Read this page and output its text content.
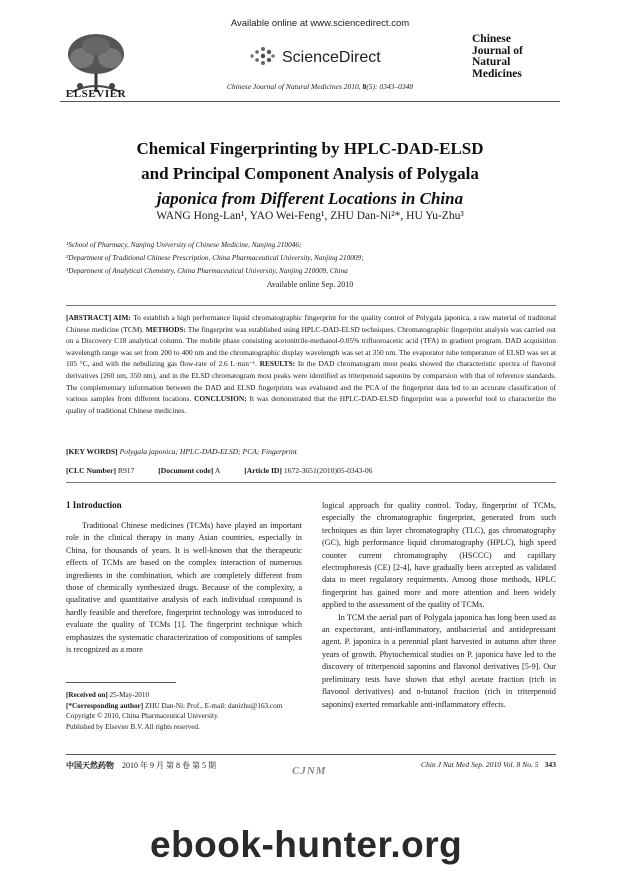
ELSEVIER
Available online at www.sciencedirect.com
ScienceDirect
Chinese Journal of Natural Medicines 2010, 8(5): 0343–0348
Chinese
Journal of
Natural
Medicines
Chemical Fingerprinting by HPLC-DAD-ELSD
and Principal Component Analysis of Polygala
japonica from Different Locations in China
WANG Hong-Lan¹, YAO Wei-Feng¹, ZHU Dan-Ni²*, HU Yu-Zhu³
¹School of Pharmacy, Nanjing University of Chinese Medicine, Nanjing 210046;
²Department of Traditional Chinese Prescription, China Pharmaceutical University, Nanjing 210009;
³Department of Analytical Chemistry, China Pharmaceutical University, Nanjing 210009, China
Available online Sep. 2010
[ABSTRACT] AIM: To establish a high performance liquid chromatographic fingerprint for the quality control of Polygala japonica, a raw material of traditonal Chinese medicine (TCM). METHODS: The fingerprint was established using HPLC-DAD-ELSD techniques. Chromatographic fingerprint analysis was carried out on a Discovery C18 analytical column. The mobile phase consisting acetonitrile-methanol-0.05% trifluoroacetic acid (TFA) in gradient program. DAD acquisition wavelength range was set from 200 to 400 nm and the chromatographic display wavelength was set at 350 nm. The evaporator tube temperature of ELSD was set at 105 °C, and with the nebulizing gas flow-rate of 2.6 L·min⁻¹. RESULTS: In the DAD chromatogram most peaks showed the characteristic spectra of flavonol derivatives (260 nm, 350 nm), and in the ELSD chromatogram most peaks were identified as triterpenoid saponins by comparsion with that of reference standards. The complementary information between the DAD and ELSD fingerprints was evaluated and the PCA of the fingerprint data led to an accurate classification of various samples from different locations. CONCLUSION: It was demonstrated that the HPLC-DAD-ELSD fingerprint was a powerful tool to characterize the quality of traditional Chinese medicines.
[KEY WORDS] Polygala japonica; HPLC-DAD-ELSD; PCA; Fingerprint
[CLC Number] R917	[Document code] A	[Article ID] 1672-3651(2010)05-0343-06
1 Introduction

Traditional Chinese medicines (TCMs) have played an important role in the clinical therapy in many Asian countries, especially in China, for thousands of years. It is well-known that the therapeutic effects of TCMs are based on the complex interaction of numerous ingredients in the combination, which are completely different from those of chemically synthesized drugs. Because of the complexity, a qualitative and quantitative analysis of each individual compound is hardly feasible and therefore, fingerprint technology was introduced to evaluate the quality of TCMs [1]. The fingerprint technique which emphasizes the systematic characterization of compositions of samples is recognized as a more

logical approach for quality control. Today, fingerprint of TCMs, especially the chromatographic fingerprint, generated from such techniques as thin layer chromatography (TLC), gas chromatography (GC), high performance liquid chromatography (HPLC), high speed counter current chromatography (HSCCC) and capillary electrophoresis (CE) [2-4], have gradually been accepted as validated data to meet regulatory requirments. Among those methods, HPLC fingerprint has gained more and more attention and been widely applied to the assessment of the quality of TCMs.

In TCM the aerial part of Polygala japonica has long been used as an expectorant, anti-inflammatory, antibacterial and antidepressant agent. P. japonica is a perennial plant harvested in autumn after three years of growth. Phytochemical studies on P. japonica have led to the discovery of triterpenoid saponins and flavonol derivatives [5-9]. Our preliminary tests have shown that ethyl acetate fraction (rich in flavonol derivatives) and n-butanol fraction (rich in triterpenoid saponins) exerted remarkable anti-inflammatory effects.

[Received on] 25-May-2010
[*Corresponding author] ZHU Dan-Ni: Prof., E-mail: danizhu@163.com
Copyright © 2010, China Pharmaceutical University.
Published by Elsevier B.V. All rights reserved.
中国天然药物 2010 年 9 月 第 8 卷 第 5 期	CJNM
Chin J Nat Med Sep. 2010 Vol. 8 No. 5 343
ebook-hunter.org
